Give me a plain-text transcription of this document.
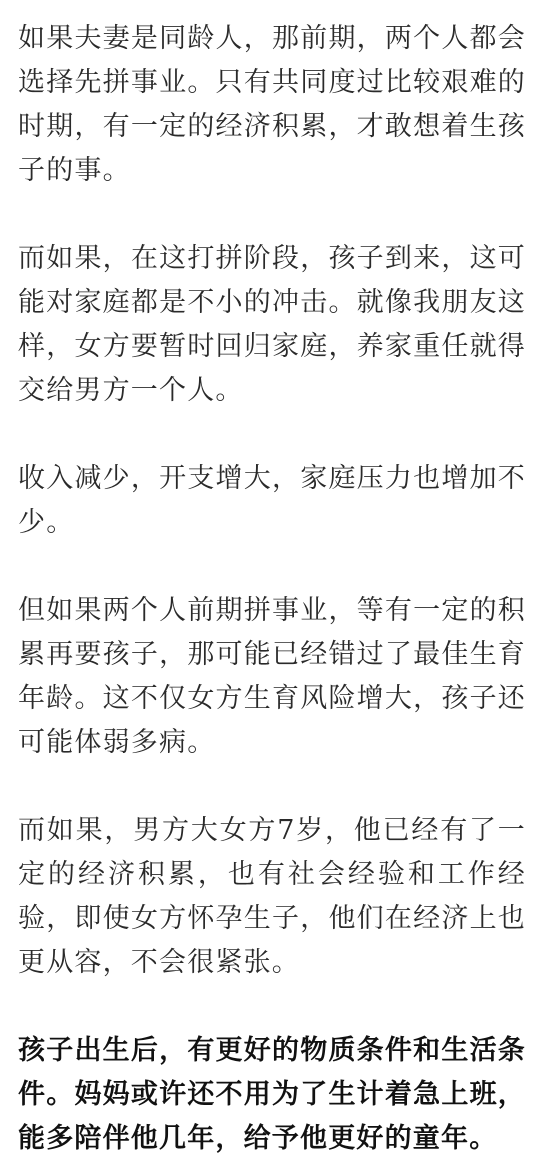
如果夫妻是同龄人，那前期，两个人都会选择先拼事业。只有共同度过比较艰难的时期，有一定的经济积累，才敢想着生孩子的事。

而如果，在这打拼阶段，孩子到来，这可能对家庭都是不小的冲击。就像我朋友这样，女方要暂时回归家庭，养家重任就得交给男方一个人。

收入减少，开支增大，家庭压力也增加不少。

但如果两个人前期拼事业，等有一定的积累再要孩子，那可能已经错过了最佳生育年龄。这不仅女方生育风险增大，孩子还可能体弱多病。

而如果，男方大女方7岁，他已经有了一定的经济积累，也有社会经验和工作经验，即使女方怀孕生子，他们在经济上也更从容，不会很紧张。

孩子出生后，有更好的物质条件和生活条件。妈妈或许还不用为了生计着急上班，能多陪伴他几年，给予他更好的童年。
